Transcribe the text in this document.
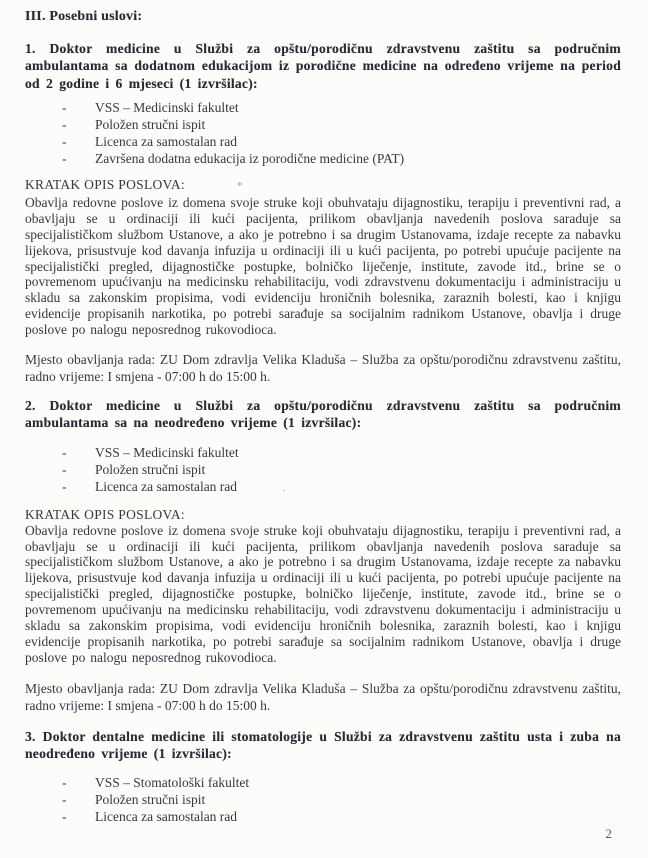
III. Posebni uslovi:

1. Doktor medicine u Službi za opštu/porodičnu zdravstvenu zaštitu sa područnim ambulantama sa dodatnom edukacijom iz porodične medicine na određeno vrijeme na period od 2 godine i 6 mjeseci (1 izvršilac):

- VSS – Medicinski fakultet
- Položen stručni ispit
- Licenca za samostalan rad
- Završena dodatna edukacija iz porodične medicine (PAT)
KRATAK OPIS POSLOVA:	*

Obavlja redovne poslove iz domena svoje struke koji obuhvataju dijagnostiku, terapiju i preventivni rad, a obavljaju se u ordinaciji ili kući pacijenta, prilikom obavljanja navedenih poslova saraduje sa specijalističkom službom Ustanove, a ako je potrebno i sa drugim Ustanovama, izdaje recepte za nabavku lijekova, prisustvuje kod davanja infuzija u ordinaciji ili u kući pacijenta, po potrebi upućuje pacijente na specijalistički pregled, dijagnostičke postupke, bolničko liječenje, institute, zavode itd., brine se o povremenom upućivanju na medicinsku rehabilitaciju, vodi zdravstvenu dokumentaciju i administraciju u skladu sa zakonskim propisima, vodi evidenciju hroničnih bolesnika, zaraznih bolesti, kao i knjigu evidencije propisanih narkotika, po potrebi sarađuje sa socijalnim radnikom Ustanove, obavlja i druge poslove po nalogu neposrednog rukovodioca.

Mjesto obavljanja rada: ZU Dom zdravlja Velika Kladuša – Služba za opštu/porodičnu zdravstvenu zaštitu, radno vrijeme: I smjena - 07:00 h do 15:00 h.

2. Doktor medicine u Službi za opštu/porodičnu zdravstvenu zaštitu sa područnim ambulantama sa na neodređeno vrijeme (1 izvršilac):

- VSS – Medicinski fakultet
- Položen stručni ispit
- Licenca za samostalan rad	.
KRATAK OPIS POSLOVA:

Obavlja redovne poslove iz domena svoje struke koji obuhvataju dijagnostiku, terapiju i preventivni rad, a obavljaju se u ordinaciji ili kući pacijenta, prilikom obavljanja navedenih poslova saraduje sa specijalističkom službom Ustanove, a ako je potrebno i sa drugim Ustanovama, izdaje recepte za nabavku lijekova, prisustvuje kod davanja infuzija u ordinaciji ili u kući pacijenta, po potrebi upućuje pacijente na specijalistički pregled, dijagnostičke postupke, bolničko liječenje, institute, zavode itd., brine se o povremenom upućivanju na medicinsku rehabilitaciju, vodi zdravstvenu dokumentaciju i administraciju u skladu sa zakonskim propisima, vodi evidenciju hroničnih bolesnika, zaraznih bolesti, kao i knjigu evidencije propisanih narkotika, po potrebi sarađuje sa socijalnim radnikom Ustanove, obavlja i druge poslove po nalogu neposrednog rukovodioca.

Mjesto obavljanja rada: ZU Dom zdravlja Velika Kladuša – Služba za opštu/porodičnu zdravstvenu zaštitu, radno vrijeme: I smjena - 07:00 h do 15:00 h.

3. Doktor dentalne medicine ili stomatologije u Službi za zdravstvenu zaštitu usta i zuba na neodređeno vrijeme (1 izvršilac):

- VSS – Stomatološki fakultet
- Položen stručni ispit
- Licenca za samostalan rad
2
